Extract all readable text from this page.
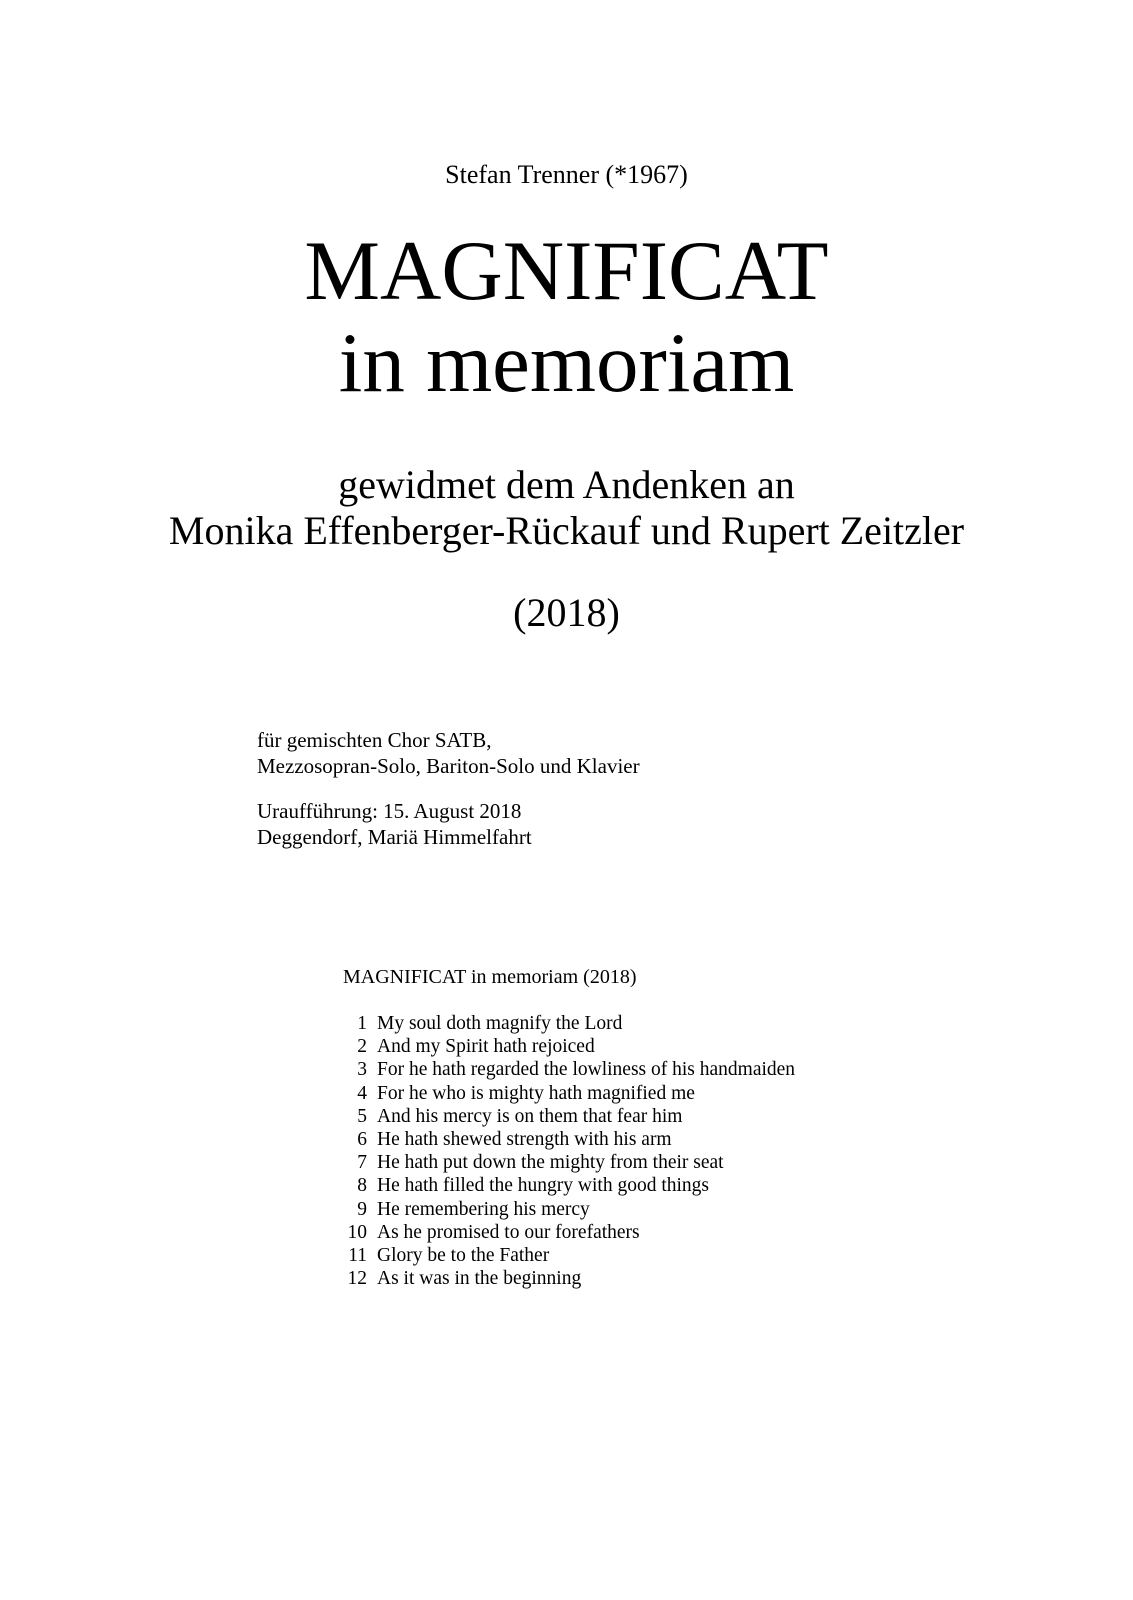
Stefan Trenner (*1967)
MAGNIFICAT
in memoriam
gewidmet dem Andenken an
Monika Effenberger-Rückauf und Rupert Zeitzler
(2018)
für gemischten Chor SATB,
Mezzosopran-Solo, Bariton-Solo und Klavier
Uraufführung: 15. August 2018
Deggendorf, Mariä Himmelfahrt
MAGNIFICAT in memoriam (2018)
1 My soul doth magnify the Lord
2 And my Spirit hath rejoiced
3 For he hath regarded the lowliness of his handmaiden
4 For he who is mighty hath magnified me
5 And his mercy is on them that fear him
6 He hath shewed strength with his arm
7 He hath put down the mighty from their seat
8 He hath filled the hungry with good things
9 He remembering his mercy
10 As he promised to our forefathers
11 Glory be to the Father
12 As it was in the beginning
